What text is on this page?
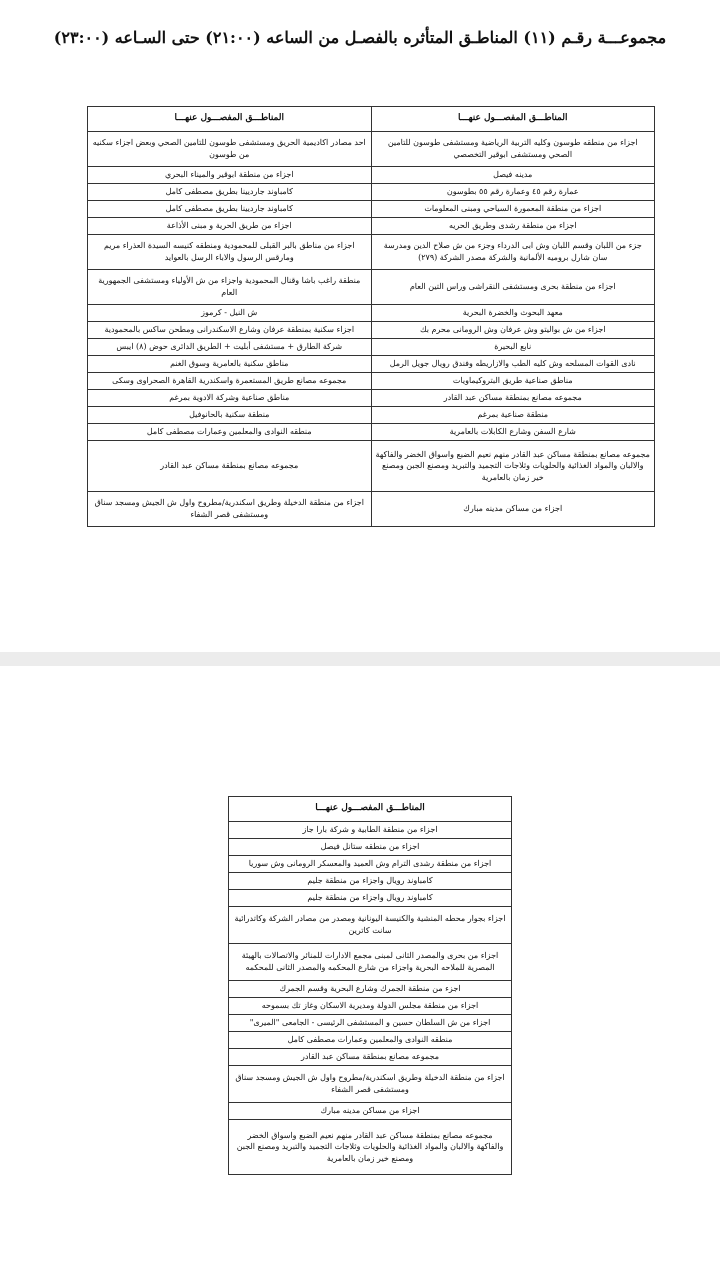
مجموعـــة رقـم (١١) المناطـق المتأثره بالفصـل من الساعه (٢١:٠٠) حتى السـاعه (٢٣:٠٠)
المناطـــق المفصـــول عنهـــا	المناطـــق المفصـــول عنهـــا
اجزاء من منطقه طوسون وكليه التربية الرياضية ومستشفى طوسون للتامين الصحي ومستشفى ابوقير التخصصي	احد مصادر اكاديمية الحريق ومستشفى طوسون للتامين الصحي وبعض اجزاء سكنيه من طوسون
مدينه فيصل	اجزاء من منطقة ابوقير والميناء البحري
عمارة رقم ٤٥ وعمارة رقم ٥٥ بطوسون	كامباوند جارديينا بطريق مصطفى كامل
اجزاء من منطقة المعمورة السياحي ومبنى المعلومات	كامباوند جارديينا بطريق مصطفى كامل
اجزاء من منطقة رشدى وطريق الحريه	اجزاء من طريق الحرية و مبنى الأذاعة
جزء من اللبان وقسم اللبان وش ابى الدرداء وجزء من ش صلاح الدين ومدرسة سان شارل بروميه الألمانية والشركة مصدر الشركة (٢٧٩)	اجزاء من مناطق بالبر القبلى للمحمودية ومنطقه كنيسه السيدة العذراء مريم ومارقس الرسول والاباء الرسل بالعوايد
اجزاء من منطقة بحرى ومستشفى النقراشى وراس التين العام	منطقة راغب باشا وقنال المحمودية واجزاء من ش الأولياء ومستشفى الجمهورية العام
معهد البحوث والخضرة البحرية	ش النيل - كرموز
اجزاء من ش بواليتو وش عرفان وش الرومانى محرم بك	اجزاء سكنية بمنطقة عرفان وشارع الاسكندرانى ومطحن ساكس بالمحمودية
نابع البحيرة	شركة الطارق + مستشفى أبليت + الطريق الدائرى حوض (٨) ايبس
نادى القوات المسلحه وش كليه الطب والازاريطه وفندق رويال جويل الرمل	مناطق سكنية بالعامرية وسوق الغنم
مناطق صناعية طريق البتروكيماويات	مجموعه مصانع طريق المستعمرة واسكندرية القاهرة الصحراوى وسكى
مجموعه مصانع بمنطقة مساكن عبد القادر	مناطق صناعية وشركة الادوية بمرغم
منطقة صناعية بمرغم	منطقة سكنية بالحانوفيل
شارع السفن وشارع الكابلات بالعامرية	منطقه النوادى والمعلمين وعمارات مصطفى كامل
مجموعه مصانع بمنطقة مساكن عبد القادر منهم نعيم الضبع واسواق الخضر والفاكهة والالبان والمواد الغذائية والحلويات وثلاجات التجميد والتبريد ومصنع الجبن ومصنع خير زمان بالعامرية	مجموعه مصانع بمنطقة مساكن عبد القادر
اجزاء من مساكن مدينه مبارك	اجزاء من منطقة الدخيلة وطريق اسكندرية/مطروح واول ش الجيش ومسجد سناق ومستشفى قصر الشفاء
المناطـــق المفصـــول عنهـــا
اجزاء من منطقة الطابية و شركة بارا جاز
اجزاء من منطقه ستانل فيصل
اجزاء من منطقة رشدى الترام وش العميد والمعسكر الرومانى وش سوريا
كامباوند رويال واجزاء من منطقة جليم
كامباوند رويال واجزاء من منطقة جليم
اجزاء بجوار محطه المنشية والكنيسة اليونانية ومصدر من مصادر الشركة وكاتدرائية سانت كاترين
اجزاء من بحرى والمصدر الثانى لمبنى مجمع الادارات للمنائر والاتصالات بالهيئة المصرية للملاحه البحرية واجزاء من شارع المحكمه والمصدر الثانى للمحكمه
اجزء من منطقة الجمرك وشارع البحرية وقسم الجمرك
اجزاء من منطقة مجلس الدولة ومديرية الاسكان وغاز تك بسموحه
اجزاء من ش السلطان حسين و المستشفى الرئيسى - الجامعى "الميرى"
منطقه النوادى والمعلمين وعمارات مصطفى كامل
مجموعه مصانع بمنطقة مساكن عبد القادر
اجزاء من منطقة الدخيلة وطريق اسكندرية/مطروح واول ش الجيش ومسجد سناق ومستشفى قصر الشفاء
اجزاء من مساكن مدينه مبارك
مجموعه مصانع بمنطقة مساكن عبد القادر منهم نعيم الضبع واسواق الخضر والفاكهة والالبان والمواد الغذائية والحلويات وثلاجات التجميد والتبريد ومصنع الجبن ومصنع خير زمان بالعامرية
